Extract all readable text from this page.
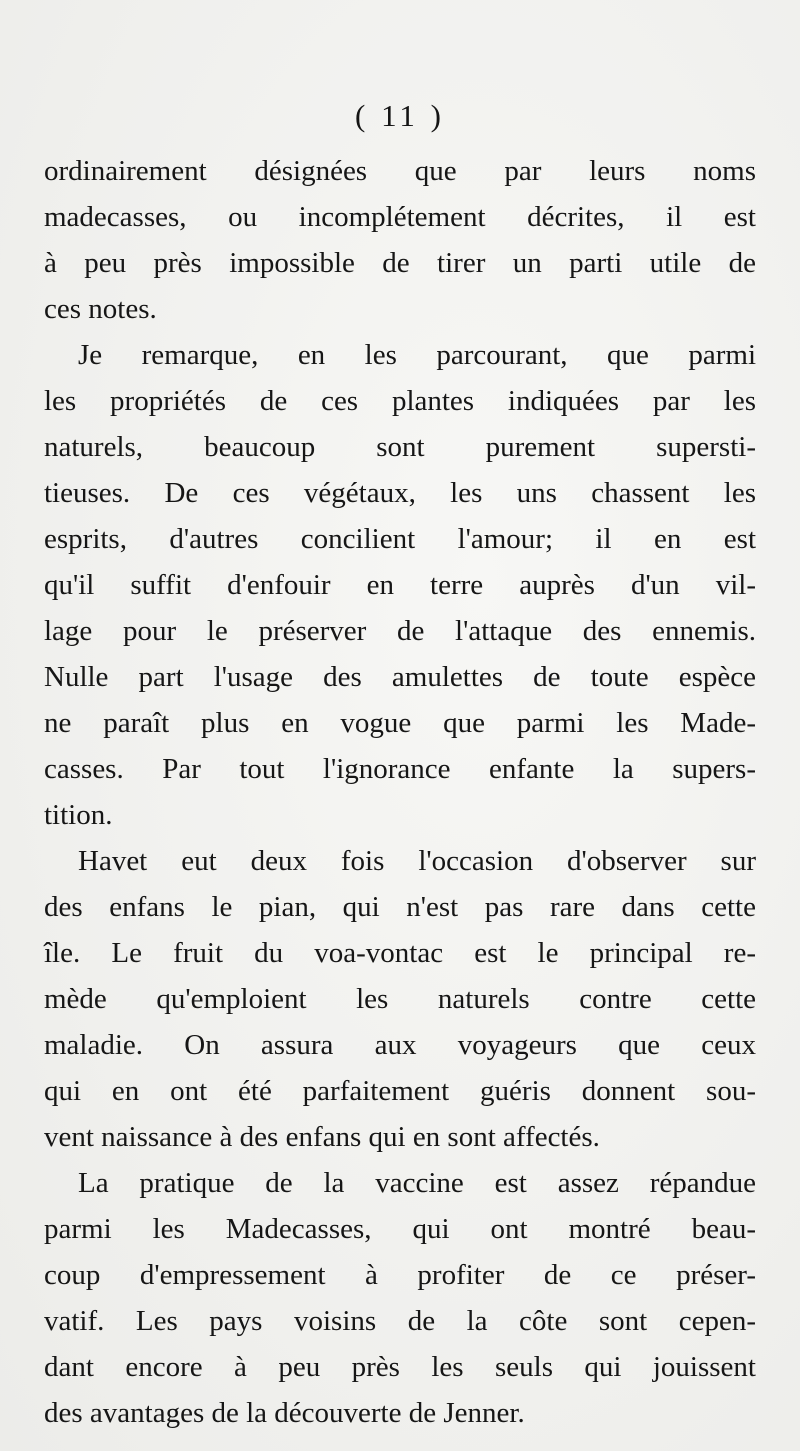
( 11 )
ordinairement désignées que par leurs noms
madecasses, ou incomplétement décrites, il est
à peu près impossible de tirer un parti utile de
ces notes.
Je remarque, en les parcourant, que parmi
les propriétés de ces plantes indiquées par les
naturels, beaucoup sont purement supersti-
tieuses. De ces végétaux, les uns chassent les
esprits, d'autres concilient l'amour; il en est
qu'il suffit d'enfouir en terre auprès d'un vil-
lage pour le préserver de l'attaque des ennemis.
Nulle part l'usage des amulettes de toute espèce
ne paraît plus en vogue que parmi les Made-
casses. Par tout l'ignorance enfante la supers-
tition.
Havet eut deux fois l'occasion d'observer sur
des enfans le pian, qui n'est pas rare dans cette
île. Le fruit du voa-vontac est le principal re-
mède qu'emploient les naturels contre cette
maladie. On assura aux voyageurs que ceux
qui en ont été parfaitement guéris donnent sou-
vent naissance à des enfans qui en sont affectés.
La pratique de la vaccine est assez répandue
parmi les Madecasses, qui ont montré beau-
coup d'empressement à profiter de ce préser-
vatif. Les pays voisins de la côte sont cepen-
dant encore à peu près les seuls qui jouissent
des avantages de la découverte de Jenner.
